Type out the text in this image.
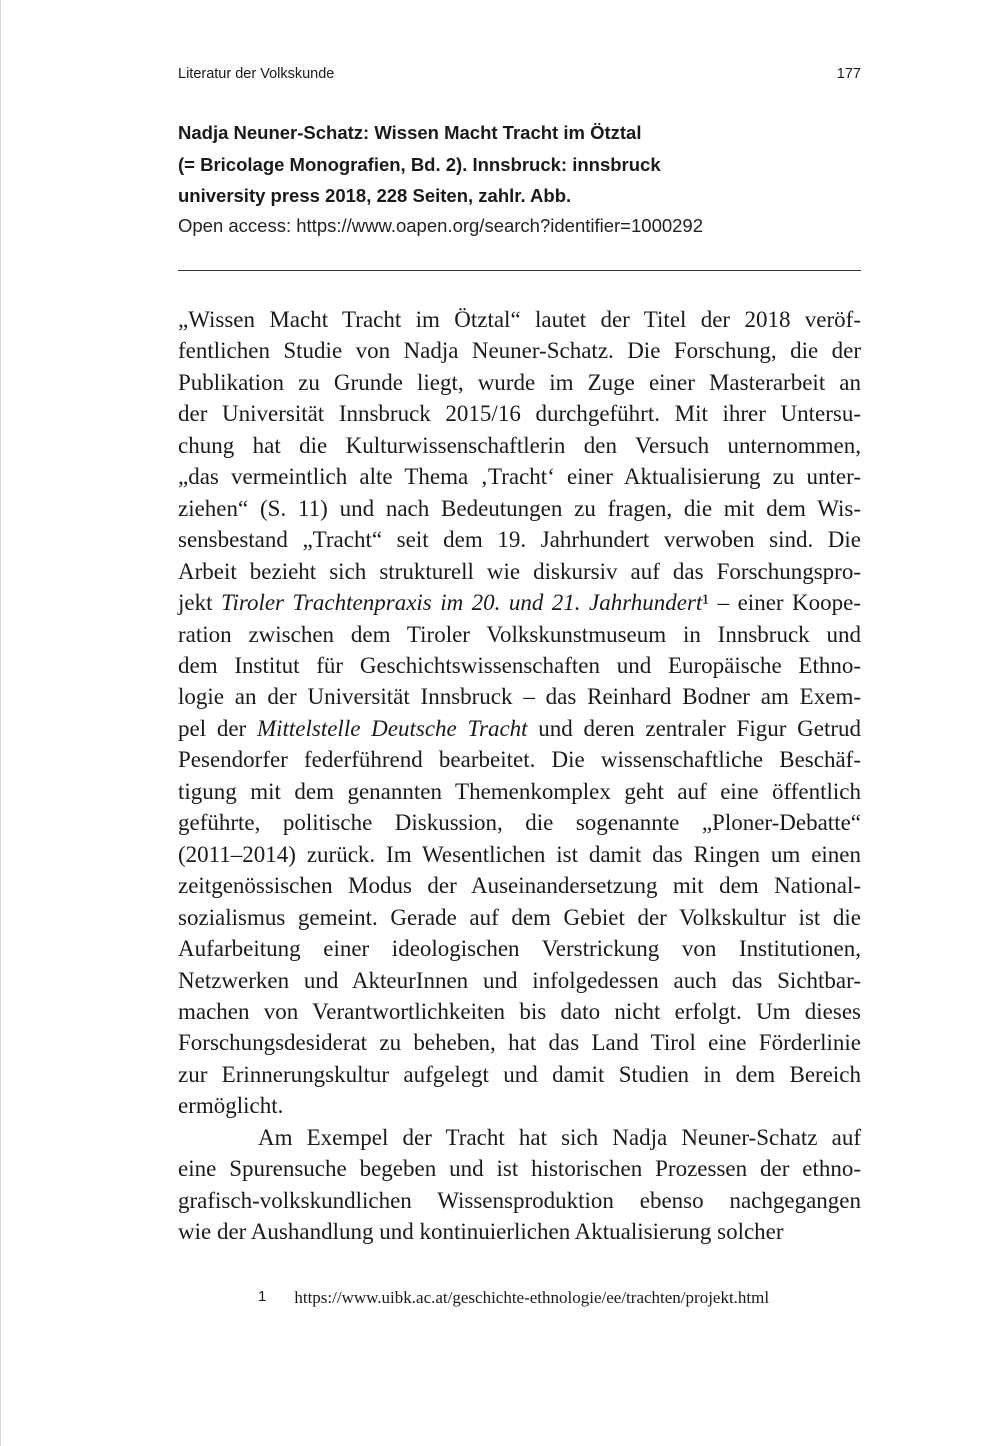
Literatur der Volkskunde	177
Nadja Neuner-Schatz: Wissen Macht Tracht im Ötztal
(= Bricolage Monografien, Bd. 2). Innsbruck: innsbruck
university press 2018, 228 Seiten, zahlr. Abb.
Open access: https://www.oapen.org/search?identifier=1000292
„Wissen Macht Tracht im Ötztal“ lautet der Titel der 2018 veröf-
fentlichen Studie von Nadja Neuner-Schatz. Die Forschung, die der
Publikation zu Grunde liegt, wurde im Zuge einer Masterarbeit an
der Universität Innsbruck 2015/16 durchgeführt. Mit ihrer Untersu-
chung hat die Kulturwissenschaftlerin den Versuch unternommen,
„das vermeintlich alte Thema ‚Tracht‘ einer Aktualisierung zu unter-
ziehen“ (S. 11) und nach Bedeutungen zu fragen, die mit dem Wis-
sensbestand „Tracht“ seit dem 19. Jahrhundert verwoben sind. Die
Arbeit bezieht sich strukturell wie diskursiv auf das Forschungspro-
jekt Tiroler Trachtenpraxis im 20. und 21. Jahrhundert¹ – einer Koope-
ration zwischen dem Tiroler Volkskunstmuseum in Innsbruck und
dem Institut für Geschichtswissenschaften und Europäische Ethno-
logie an der Universität Innsbruck – das Reinhard Bodner am Exem-
pel der Mittelstelle Deutsche Tracht und deren zentraler Figur Getrud
Pesendorfer federführend bearbeitet. Die wissenschaftliche Beschäf-
tigung mit dem genannten Themenkomplex geht auf eine öffentlich
geführte, politische Diskussion, die sogenannte „Ploner-Debatte“
(2011–2014) zurück. Im Wesentlichen ist damit das Ringen um einen
zeitgenössischen Modus der Auseinandersetzung mit dem National-
sozialismus gemeint. Gerade auf dem Gebiet der Volkskultur ist die
Aufarbeitung einer ideologischen Verstrickung von Institutionen,
Netzwerken und AkteurInnen und infolgedessen auch das Sichtbar-
machen von Verantwortlichkeiten bis dato nicht erfolgt. Um dieses
Forschungsdesiderat zu beheben, hat das Land Tirol eine Förderlinie
zur Erinnerungskultur aufgelegt und damit Studien in dem Bereich
ermöglicht.
Am Exempel der Tracht hat sich Nadja Neuner-Schatz auf
eine Spurensuche begeben und ist historischen Prozessen der ethno-
grafisch-volkskundlichen Wissensproduktion ebenso nachgegangen
wie der Aushandlung und kontinuierlichen Aktualisierung solcher
1 https://www.uibk.ac.at/geschichte-ethnologie/ee/trachten/projekt.html
